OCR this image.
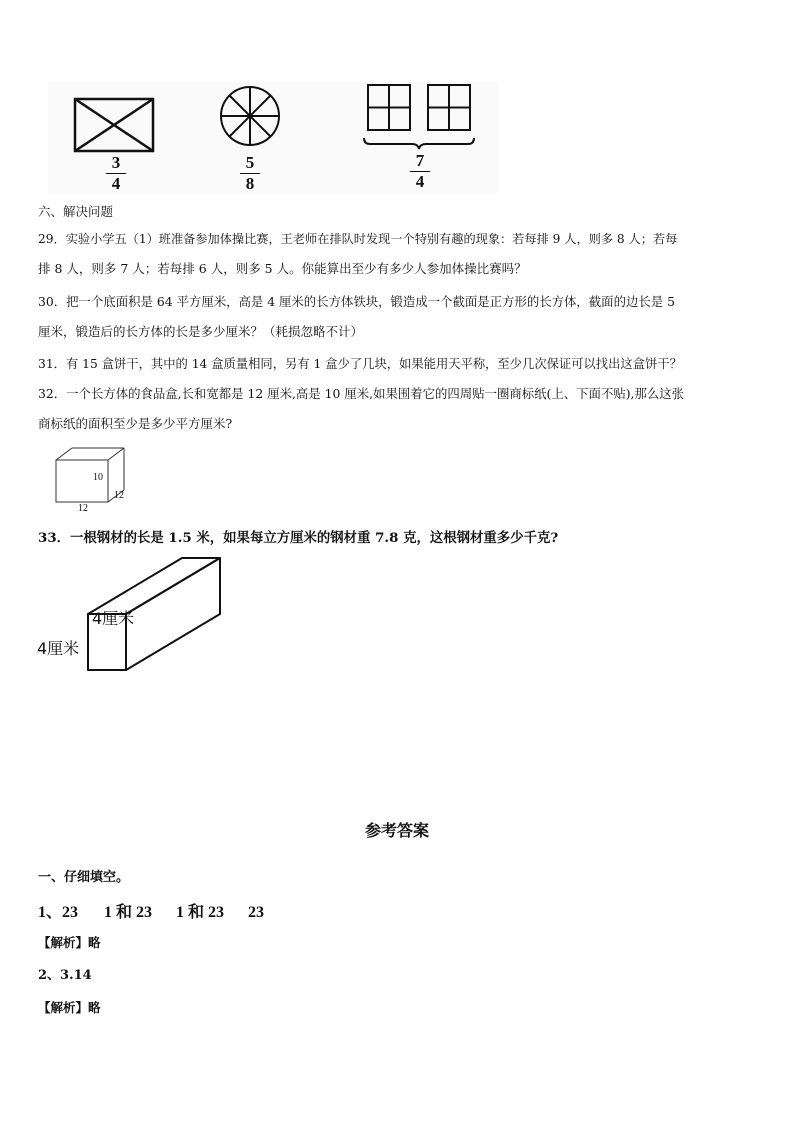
3
4
5
8
7
4
六、解决问题
29．实验小学五（1）班准备参加体操比赛，王老师在排队时发现一个特别有趣的现象：若每排 9 人，则多 8 人；若每
排 8 人，则多 7 人；若每排 6 人，则多 5 人。你能算出至少有多少人参加体操比赛吗？
30．把一个底面积是 64 平方厘米，高是 4 厘米的长方体铁块，锻造成一个截面是正方形的长方体，截面的边长是 5
厘米，锻造后的长方体的长是多少厘米？（耗损忽略不计）
31．有 15 盒饼干，其中的 14 盒质量相同，另有 1 盒少了几块，如果能用天平称，至少几次保证可以找出这盒饼干？
32．一个长方体的食品盒,长和宽都是 12 厘米,高是 10 厘米,如果围着它的四周贴一圈商标纸(上、下面不贴),那么这张
商标纸的面积至少是多少平方厘米?
10
12
12
33．一根钢材的长是 1.5 米，如果每立方厘米的钢材重 7.8 克，这根钢材重多少千克?
4厘米
4厘米
参考答案
一、仔细填空。
1、23 1 和 23 1 和 23 23
【解析】略
2、3.14
【解析】略
